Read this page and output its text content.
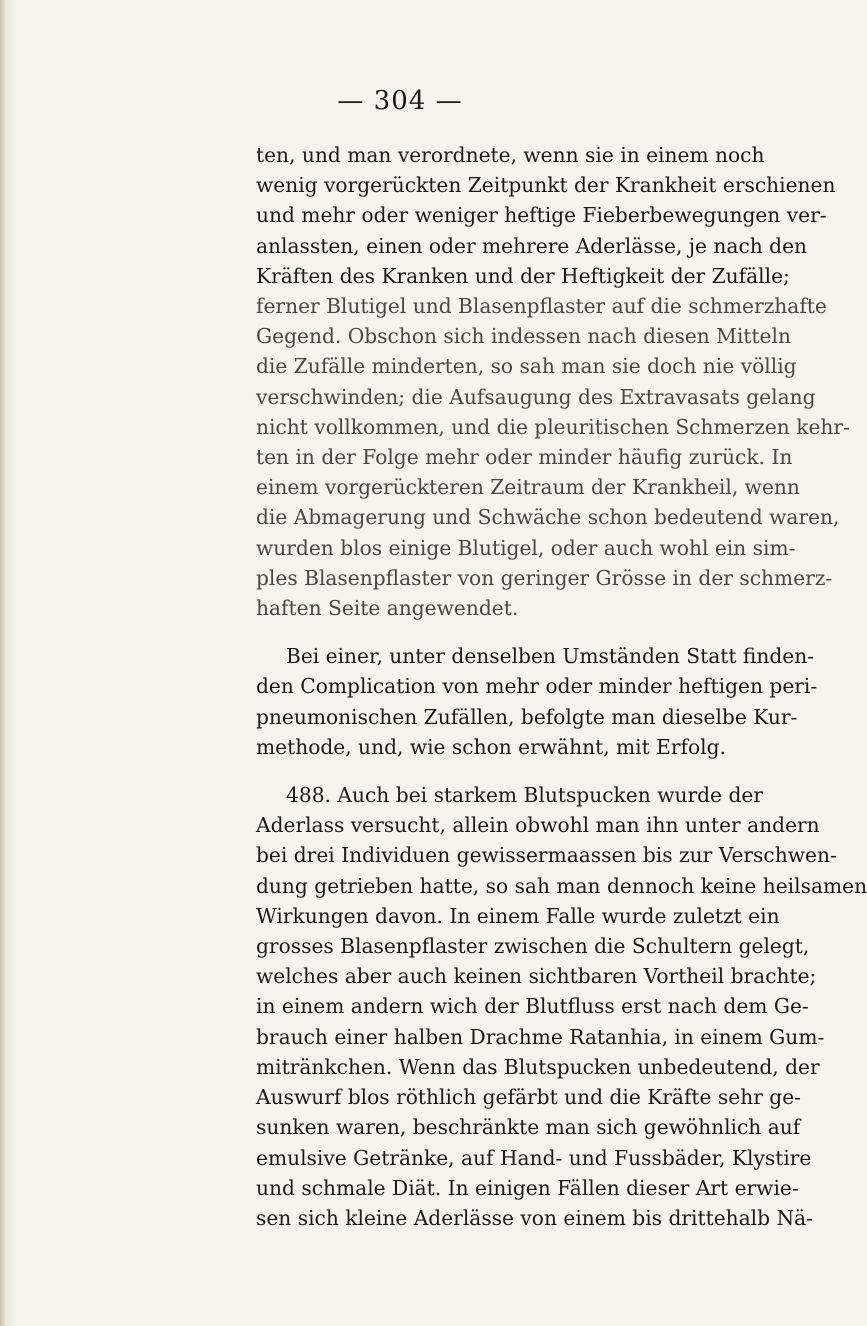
— 304 —
ten, und man verordnete, wenn sie in einem noch
wenig vorgerückten Zeitpunkt der Krankheit erschienen
und mehr oder weniger heftige Fieberbewegungen ver-
anlassten, einen oder mehrere Aderlässe, je nach den
Kräften des Kranken und der Heftigkeit der Zufälle;
ferner Blutigel und Blasenpflaster auf die schmerzhafte
Gegend. Obschon sich indessen nach diesen Mitteln
die Zufälle minderten, so sah man sie doch nie völlig
verschwinden; die Aufsaugung des Extravasats gelang
nicht vollkommen, und die pleuritischen Schmerzen kehr-
ten in der Folge mehr oder minder häufig zurück. In
einem vorgerückteren Zeitraum der Krankheil, wenn
die Abmagerung und Schwäche schon bedeutend waren,
wurden blos einige Blutigel, oder auch wohl ein sim-
ples Blasenpflaster von geringer Grösse in der schmerz-
haften Seite angewendet.
Bei einer, unter denselben Umständen Statt finden-
den Complication von mehr oder minder heftigen peri-
pneumonischen Zufällen, befolgte man dieselbe Kur-
methode, und, wie schon erwähnt, mit Erfolg.
488. Auch bei starkem Blutspucken wurde der
Aderlass versucht, allein obwohl man ihn unter andern
bei drei Individuen gewissermaassen bis zur Verschwen-
dung getrieben hatte, so sah man dennoch keine heilsamen
Wirkungen davon. In einem Falle wurde zuletzt ein
grosses Blasenpflaster zwischen die Schultern gelegt,
welches aber auch keinen sichtbaren Vortheil brachte;
in einem andern wich der Blutfluss erst nach dem Ge-
brauch einer halben Drachme Ratanhia, in einem Gum-
mitränkchen. Wenn das Blutspucken unbedeutend, der
Auswurf blos röthlich gefärbt und die Kräfte sehr ge-
sunken waren, beschränkte man sich gewöhnlich auf
emulsive Getränke, auf Hand- und Fussbäder, Klystire
und schmale Diät. In einigen Fällen dieser Art erwie-
sen sich kleine Aderlässe von einem bis drittehalb Nä-
